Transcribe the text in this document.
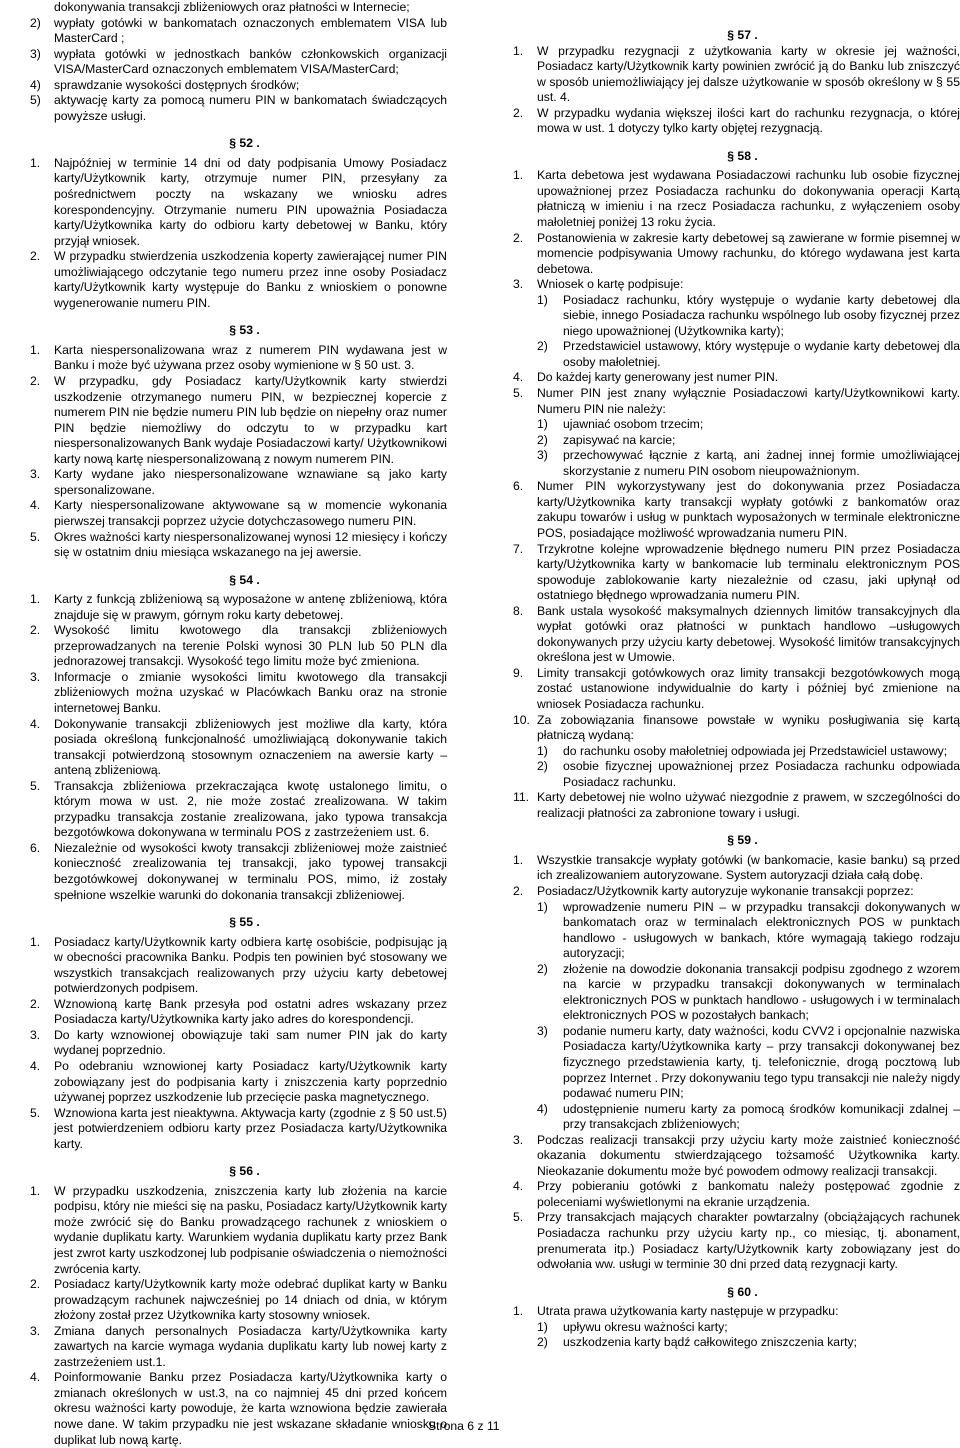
dokonywania transakcji zbliżeniowych oraz płatności w Internecie;

2) wypłaty gotówki w bankomatach oznaczonych emblematem VISA lub MasterCard ;

3) wypłata gotówki w jednostkach banków członkowskich organizacji VISA/MasterCard oznaczonych emblematem VISA/MasterCard;

4) sprawdzanie wysokości dostępnych środków;

5) aktywację karty za pomocą numeru PIN w bankomatach świadczących powyższe usługi.

§ 52 .

1. Najpóźniej w terminie 14 dni od daty podpisania Umowy Posiadacz karty/Użytkownik karty, otrzymuje numer PIN, przesyłany za pośrednictwem poczty na wskazany we wniosku adres korespondencyjny. Otrzymanie numeru PIN upoważnia Posiadacza karty/Użytkownika karty do odbioru karty debetowej w Banku, który przyjął wniosek.

2. W przypadku stwierdzenia uszkodzenia koperty zawierającej numer PIN umożliwiającego odczytanie tego numeru przez inne osoby Posiadacz karty/Użytkownik karty występuje do Banku z wnioskiem o ponowne wygenerowanie numeru PIN.

§ 53 .

1. Karta niespersonalizowana wraz z numerem PIN wydawana jest w Banku i może być używana przez osoby wymienione w § 50 ust. 3.

2. W przypadku, gdy Posiadacz karty/Użytkownik karty stwierdzi uszkodzenie otrzymanego numeru PIN, w bezpiecznej kopercie z numerem PIN nie będzie numeru PIN lub będzie on niepełny oraz numer PIN będzie niemożliwy do odczytu to w przypadku kart niespersonalizowanych Bank wydaje Posiadaczowi karty/ Użytkownikowi karty nową kartę niespersonalizowaną z nowym numerem PIN.

3. Karty wydane jako niespersonalizowane wznawiane są jako karty spersonalizowane.

4. Karty niespersonalizowane aktywowane są w momencie wykonania pierwszej transakcji poprzez użycie dotychczasowego numeru PIN.

5. Okres ważności karty niespersonalizowanej wynosi 12 miesięcy i kończy się w ostatnim dniu miesiąca wskazanego na jej awersie.

§ 54 .

1. Karty z funkcją zbliżeniową są wyposażone w antenę zbliżeniową, która znajduje się w prawym, górnym roku karty debetowej.

2. Wysokość limitu kwotowego dla transakcji zbliżeniowych przeprowadzanych na terenie Polski wynosi 30 PLN lub 50 PLN dla jednorazowej transakcji. Wysokość tego limitu może być zmieniona.

3. Informacje o zmianie wysokości limitu kwotowego dla transakcji zbliżeniowych można uzyskać w Placówkach Banku oraz na stronie internetowej Banku.

4. Dokonywanie transakcji zbliżeniowych jest możliwe dla karty, która posiada określoną funkcjonalność umożliwiającą dokonywanie takich transakcji potwierdzoną stosownym oznaczeniem na awersie karty – anteną zbliżeniową.

5. Transakcja zbliżeniowa przekraczająca kwotę ustalonego limitu, o którym mowa w ust. 2, nie może zostać zrealizowana. W takim przypadku transakcja zostanie zrealizowana, jako typowa transakcja bezgotówkowa dokonywana w terminalu POS z zastrzeżeniem ust. 6.

6. Niezależnie od wysokości kwoty transakcji zbliżeniowej może zaistnieć konieczność zrealizowania tej transakcji, jako typowej transakcji bezgotówkowej dokonywanej w terminalu POS, mimo, iż zostały spełnione wszelkie warunki do dokonania transakcji zbliżeniowej.

§ 55 .

1. Posiadacz karty/Użytkownik karty odbiera kartę osobiście, podpisując ją w obecności pracownika Banku. Podpis ten powinien być stosowany we wszystkich transakcjach realizowanych przy użyciu karty debetowej potwierdzonych podpisem.

2. Wznowioną kartę Bank przesyła pod ostatni adres wskazany przez Posiadacza karty/Użytkownika karty jako adres do korespondencji.

3. Do karty wznowionej obowiązuje taki sam numer PIN jak do karty wydanej poprzednio.

4. Po odebraniu wznowionej karty Posiadacz karty/Użytkownik karty zobowiązany jest do podpisania karty i zniszczenia karty poprzednio używanej poprzez uszkodzenie lub przecięcie paska magnetycznego.

5. Wznowiona karta jest nieaktywna. Aktywacja karty (zgodnie z § 50 ust.5) jest potwierdzeniem odbioru karty przez Posiadacza karty/Użytkownika karty.

§ 56 .

1. W przypadku uszkodzenia, zniszczenia karty lub złożenia na karcie podpisu, który nie mieści się na pasku, Posiadacz karty/Użytkownik karty może zwrócić się do Banku prowadzącego rachunek z wnioskiem o wydanie duplikatu karty. Warunkiem wydania duplikatu karty przez Bank jest zwrot karty uszkodzonej lub podpisanie oświadczenia o niemożności zwrócenia karty.

2. Posiadacz karty/Użytkownik karty może odebrać duplikat karty w Banku prowadzącym rachunek najwcześniej po 14 dniach od dnia, w którym złożony został przez Użytkownika karty stosowny wniosek.

3. Zmiana danych personalnych Posiadacza karty/Użytkownika karty zawartych na karcie wymaga wydania duplikatu karty lub nowej karty z zastrzeżeniem ust.1.

4. Poinformowanie Banku przez Posiadacza karty/Użytkownika karty o zmianach określonych w ust.3, na co najmniej 45 dni przed końcem okresu ważności karty powoduje, że karta wznowiona będzie zawierała nowe dane. W takim przypadku nie jest wskazane składanie wniosku o duplikat lub nową kartę.

§ 57 .

1. W przypadku rezygnacji z użytkowania karty w okresie jej ważności, Posiadacz karty/Użytkownik karty powinien zwrócić ją do Banku lub zniszczyć w sposób uniemożliwiający jej dalsze użytkowanie w sposób określony w § 55 ust. 4.

2. W przypadku wydania większej ilości kart do rachunku rezygnacja, o której mowa w ust. 1 dotyczy tylko karty objętej rezygnacją.

§ 58 .

1. Karta debetowa jest wydawana Posiadaczowi rachunku lub osobie fizycznej upoważnionej przez Posiadacza rachunku do dokonywania operacji Kartą płatniczą w imieniu i na rzecz Posiadacza rachunku, z wyłączeniem osoby małoletniej poniżej 13 roku życia.

2. Postanowienia w zakresie karty debetowej są zawierane w formie pisemnej w momencie podpisywania Umowy rachunku, do którego wydawana jest karta debetowa.

3. Wniosek o kartę podpisuje:

1) Posiadacz rachunku, który występuje o wydanie karty debetowej dla siebie, innego Posiadacza rachunku wspólnego lub osoby fizycznej przez niego upoważnionej (Użytkownika karty);

2) Przedstawiciel ustawowy, który występuje o wydanie karty debetowej dla osoby małoletniej.

4. Do każdej karty generowany jest numer PIN.

5. Numer PIN jest znany wyłącznie Posiadaczowi karty/Użytkownikowi karty. Numeru PIN nie należy:

1) ujawniać osobom trzecim;

2) zapisywać na karcie;

3) przechowywać łącznie z kartą, ani żadnej innej formie umożliwiającej skorzystanie z numeru PIN osobom nieupoważnionym.

6. Numer PIN wykorzystywany jest do dokonywania przez Posiadacza karty/Użytkownika karty transakcji wypłaty gotówki z bankomatów oraz zakupu towarów i usług w punktach wyposażonych w terminale elektroniczne POS, posiadające możliwość wprowadzania numeru PIN.

7. Trzykrotne kolejne wprowadzenie błędnego numeru PIN przez Posiadacza karty/Użytkownika karty w bankomacie lub terminalu elektronicznym POS spowoduje zablokowanie karty niezależnie od czasu, jaki upłynął od ostatniego błędnego wprowadzania numeru PIN.

8. Bank ustala wysokość maksymalnych dziennych limitów transakcyjnych dla wypłat gotówki oraz płatności w punktach handlowo –usługowych dokonywanych przy użyciu karty debetowej. Wysokość limitów transakcyjnych określona jest w Umowie.

9. Limity transakcji gotówkowych oraz limity transakcji bezgotówkowych mogą zostać ustanowione indywidualnie do karty i później być zmienione na wniosek Posiadacza rachunku.

10. Za zobowiązania finansowe powstałe w wyniku posługiwania się kartą płatniczą wydaną:

1) do rachunku osoby małoletniej odpowiada jej Przedstawiciel ustawowy;

2) osobie fizycznej upoważnionej przez Posiadacza rachunku odpowiada Posiadacz rachunku.

11. Karty debetowej nie wolno używać niezgodnie z prawem, w szczególności do realizacji płatności za zabronione towary i usługi.

§ 59 .

1. Wszystkie transakcje wypłaty gotówki (w bankomacie, kasie banku) są przed ich zrealizowaniem autoryzowane. System autoryzacji działa całą dobę.

2. Posiadacz/Użytkownik karty autoryzuje wykonanie transakcji poprzez:

1) wprowadzenie numeru PIN – w przypadku transakcji dokonywanych w bankomatach oraz w terminalach elektronicznych POS w punktach handlowo - usługowych w bankach, które wymagają takiego rodzaju autoryzacji;

2) złożenie na dowodzie dokonania transakcji podpisu zgodnego z wzorem na karcie w przypadku transakcji dokonywanych w terminalach elektronicznych POS w punktach handlowo - usługowych i w terminalach elektronicznych POS w pozostałych bankach;

3) podanie numeru karty, daty ważności, kodu CVV2 i opcjonalnie nazwiska Posiadacza karty/Użytkownika karty – przy transakcji dokonywanej bez fizycznego przedstawienia karty, tj. telefonicznie, drogą pocztową lub poprzez Internet . Przy dokonywaniu tego typu transakcji nie należy nigdy podawać numeru PIN;

4) udostępnienie numeru karty za pomocą środków komunikacji zdalnej – przy transakcjach zbliżeniowych;

3. Podczas realizacji transakcji przy użyciu karty może zaistnieć konieczność okazania dokumentu stwierdzającego tożsamość Użytkownika karty. Nieokazanie dokumentu może być powodem odmowy realizacji transakcji.

4. Przy pobieraniu gotówki z bankomatu należy postępować zgodnie z poleceniami wyświetlonymi na ekranie urządzenia.

5. Przy transakcjach mających charakter powtarzalny (obciążających rachunek Posiadacza rachunku przy użyciu karty np., co miesiąc, tj. abonament, prenumerata itp.) Posiadacz karty/Użytkownik karty zobowiązany jest do odwołania ww. usługi w terminie 30 dni przed datą rezygnacji karty.

§ 60 .

1. Utrata prawa użytkowania karty następuje w przypadku:

1) upływu okresu ważności karty;

2) uszkodzenia karty bądź całkowitego zniszczenia karty;

Strona 6 z 11
